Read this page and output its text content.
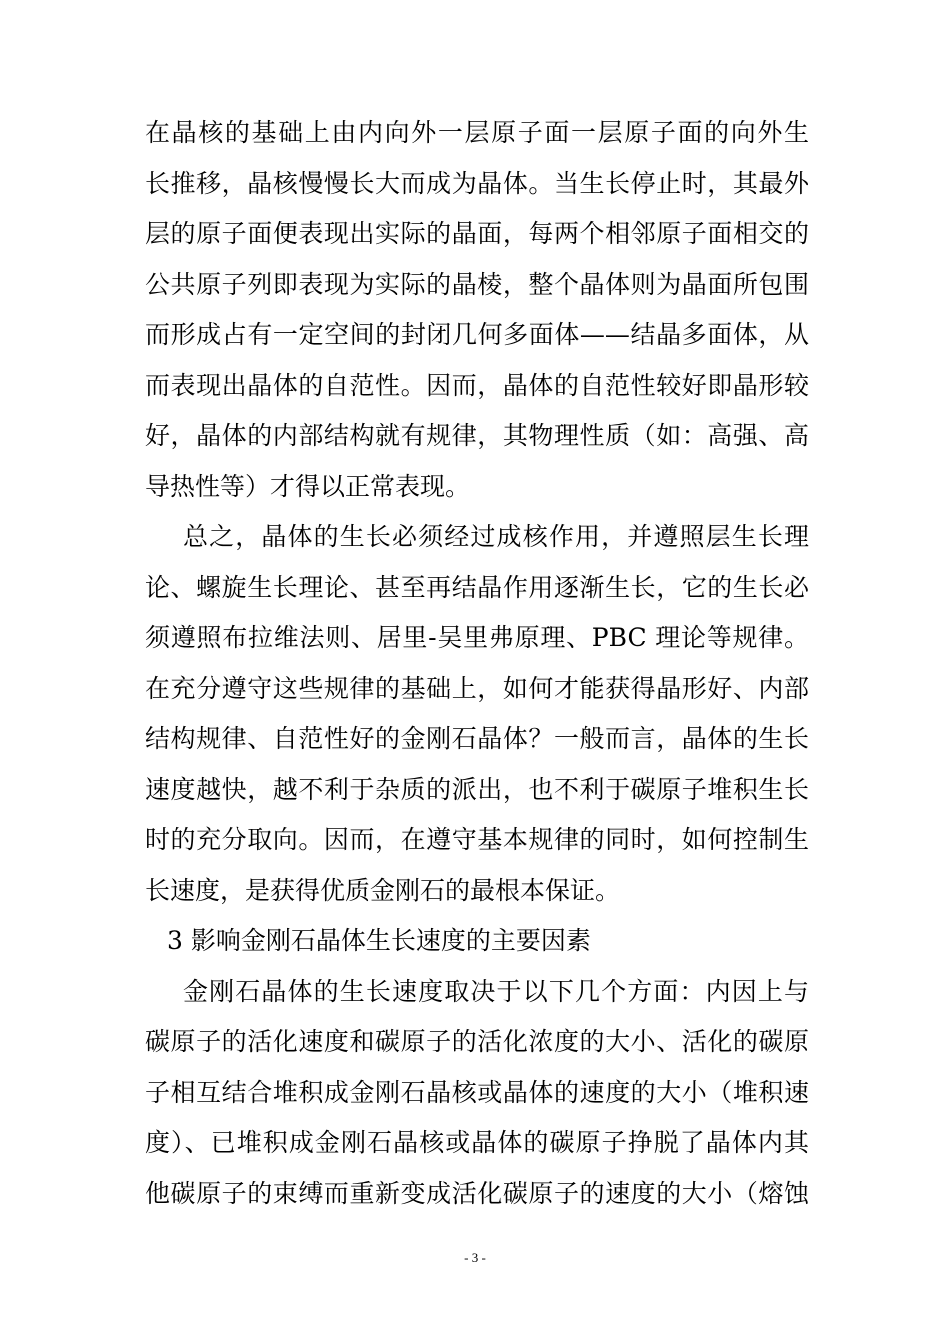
在晶核的基础上由内向外一层原子面一层原子面的向外生
长推移，晶核慢慢长大而成为晶体。当生长停止时，其最外
层的原子面便表现出实际的晶面，每两个相邻原子面相交的
公共原子列即表现为实际的晶棱，整个晶体则为晶面所包围
而形成占有一定空间的封闭几何多面体——结晶多面体，从
而表现出晶体的自范性。因而，晶体的自范性较好即晶形较
好，晶体的内部结构就有规律，其物理性质（如：高强、高
导热性等）才得以正常表现。
总之，晶体的生长必须经过成核作用，并遵照层生长理
论、螺旋生长理论、甚至再结晶作用逐渐生长，它的生长必
须遵照布拉维法则、居里-吴里弗原理、PBC 理论等规律。
在充分遵守这些规律的基础上，如何才能获得晶形好、内部
结构规律、自范性好的金刚石晶体？一般而言，晶体的生长
速度越快，越不利于杂质的派出，也不利于碳原子堆积生长
时的充分取向。因而，在遵守基本规律的同时，如何控制生
长速度，是获得优质金刚石的最根本保证。
3 影响金刚石晶体生长速度的主要因素
金刚石晶体的生长速度取决于以下几个方面：内因上与
碳原子的活化速度和碳原子的活化浓度的大小、活化的碳原
子相互结合堆积成金刚石晶核或晶体的速度的大小（堆积速
度）、已堆积成金刚石晶核或晶体的碳原子挣脱了晶体内其
他碳原子的束缚而重新变成活化碳原子的速度的大小（熔蚀
- 3 -
